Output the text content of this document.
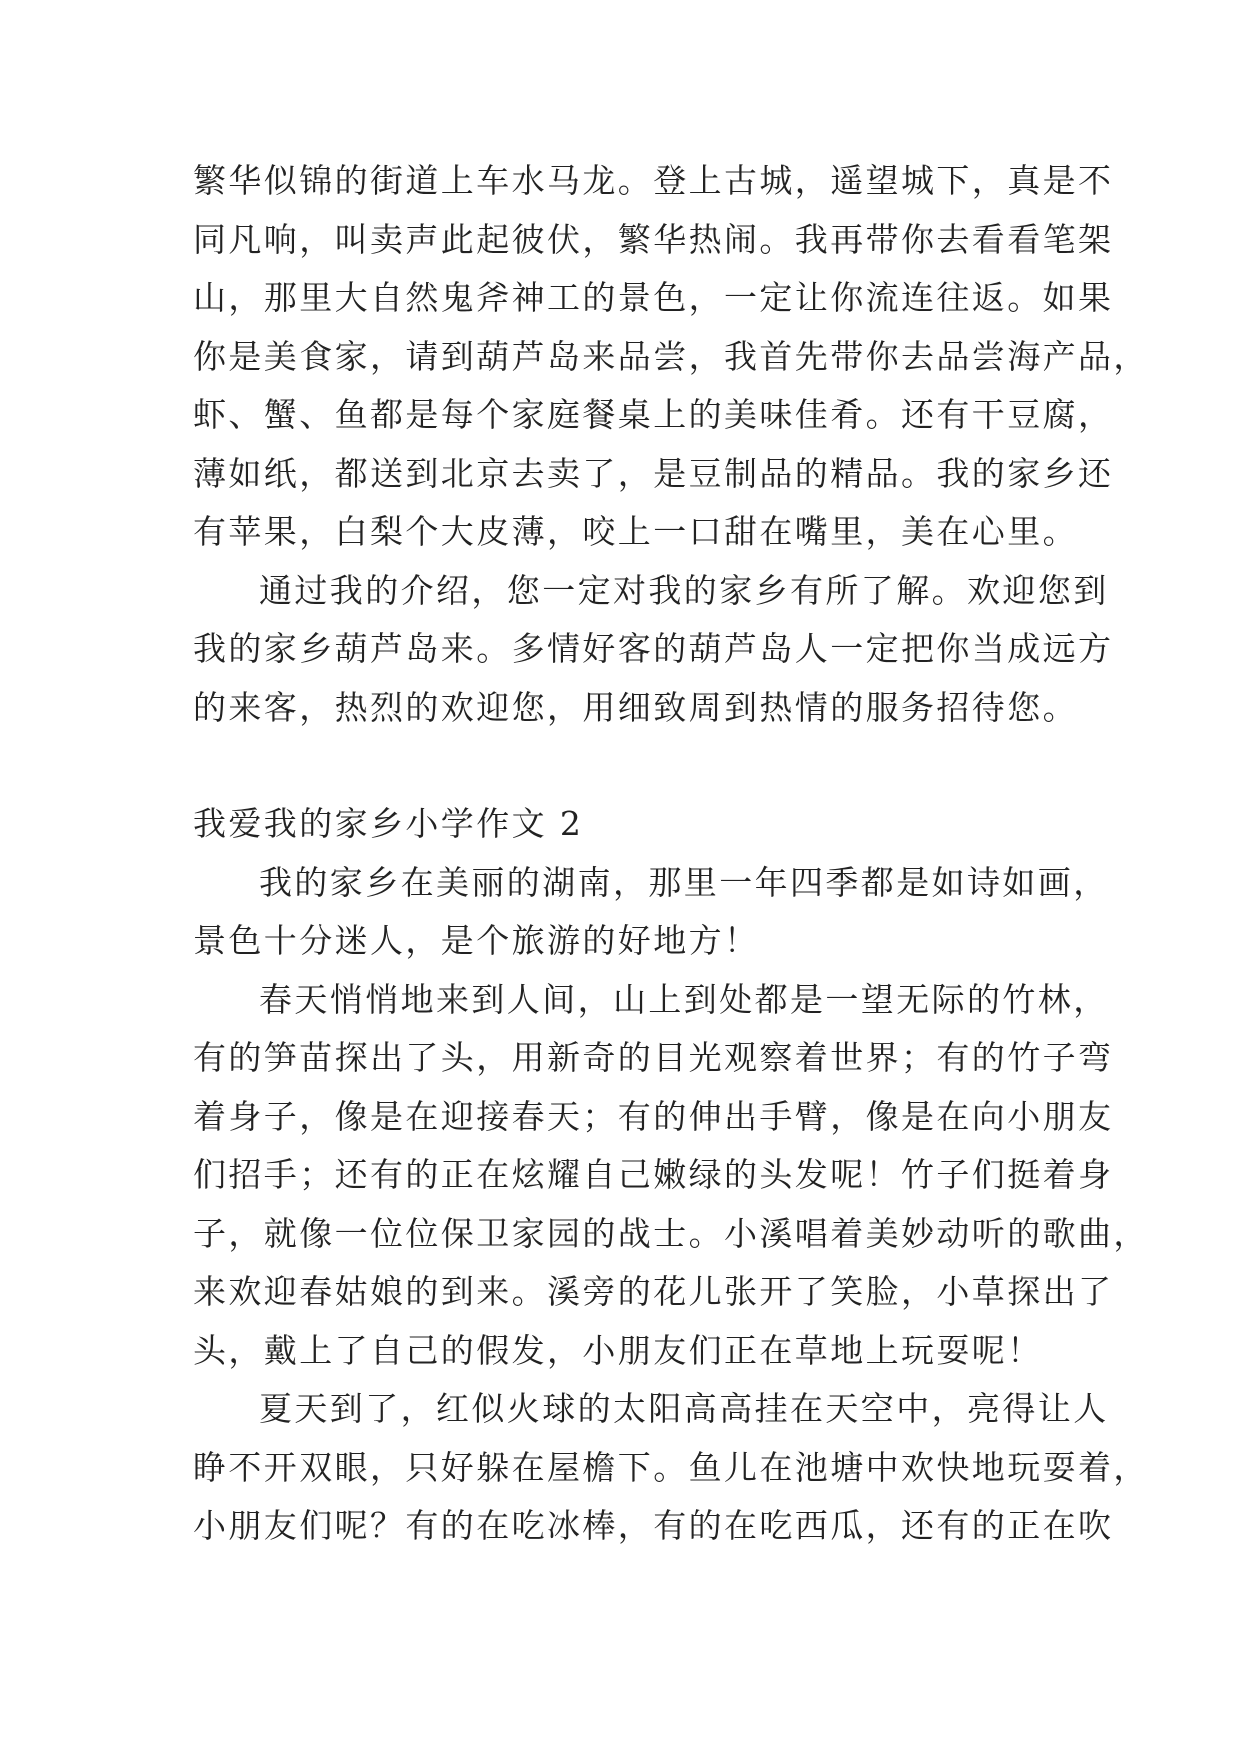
繁华似锦的街道上车水马龙。登上古城，遥望城下，真是不
同凡响，叫卖声此起彼伏，繁华热闹。我再带你去看看笔架
山，那里大自然鬼斧神工的景色，一定让你流连往返。如果
你是美食家，请到葫芦岛来品尝，我首先带你去品尝海产品，
虾、蟹、鱼都是每个家庭餐桌上的美味佳肴。还有干豆腐，
薄如纸，都送到北京去卖了，是豆制品的精品。我的家乡还
有苹果，白梨个大皮薄，咬上一口甜在嘴里，美在心里。
通过我的介绍，您一定对我的家乡有所了解。欢迎您到
我的家乡葫芦岛来。多情好客的葫芦岛人一定把你当成远方
的来客，热烈的欢迎您，用细致周到热情的服务招待您。
我爱我的家乡小学作文 2
我的家乡在美丽的湖南，那里一年四季都是如诗如画，
景色十分迷人，是个旅游的好地方！
春天悄悄地来到人间，山上到处都是一望无际的竹林，
有的笋苗探出了头，用新奇的目光观察着世界；有的竹子弯
着身子，像是在迎接春天；有的伸出手臂，像是在向小朋友
们招手；还有的正在炫耀自己嫩绿的头发呢！竹子们挺着身
子，就像一位位保卫家园的战士。小溪唱着美妙动听的歌曲，
来欢迎春姑娘的到来。溪旁的花儿张开了笑脸，小草探出了
头，戴上了自己的假发，小朋友们正在草地上玩耍呢！
夏天到了，红似火球的太阳高高挂在天空中，亮得让人
睁不开双眼，只好躲在屋檐下。鱼儿在池塘中欢快地玩耍着，
小朋友们呢？有的在吃冰棒，有的在吃西瓜，还有的正在吹
